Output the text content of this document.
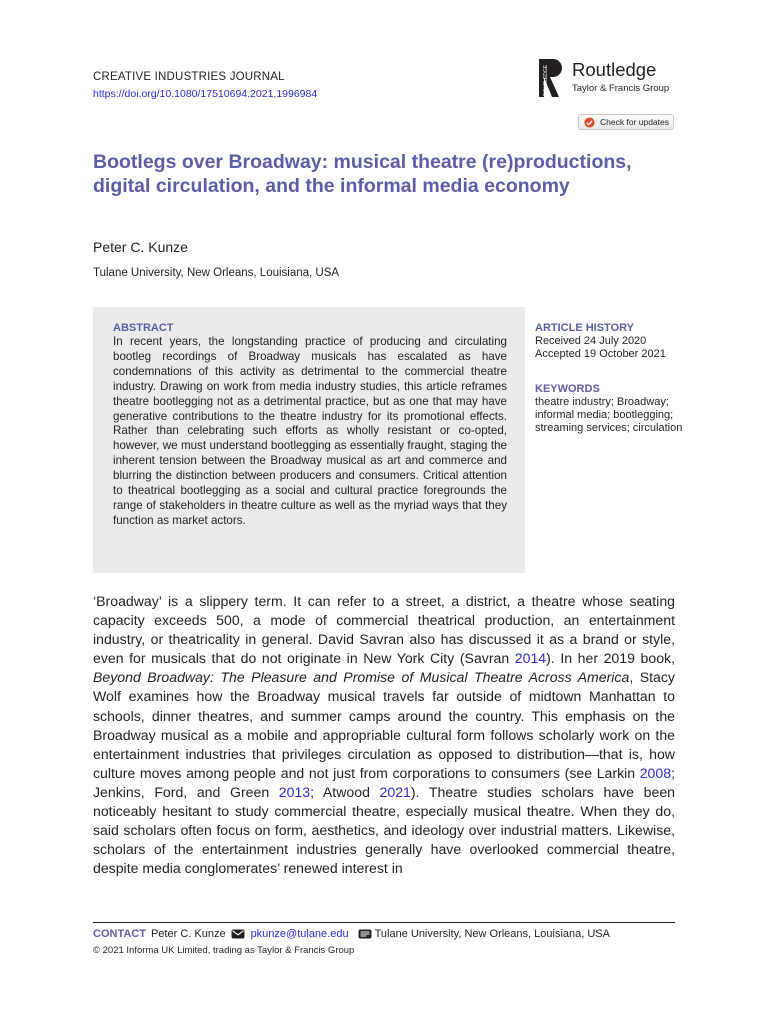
CREATIVE INDUSTRIES JOURNAL
https://doi.org/10.1080/17510694.2021.1996984	ROUTLEDGE Routledge
Taylor & Francis Group
Check for updates
Bootlegs over Broadway: musical theatre (re)productions, digital circulation, and the informal media economy
Peter C. Kunze
Tulane University, New Orleans, Louisiana, USA
ABSTRACT
In recent years, the longstanding practice of producing and circulating bootleg recordings of Broadway musicals has escalated as have condemnations of this activity as detrimental to the commercial theatre industry. Drawing on work from media industry studies, this article reframes theatre bootlegging not as a detrimental practice, but as one that may have generative contributions to the theatre industry for its promotional effects. Rather than celebrating such efforts as wholly resistant or co-opted, however, we must understand bootlegging as essentially fraught, staging the inherent tension between the Broadway musical as art and commerce and blurring the distinction between producers and consumers. Critical attention to theatrical bootlegging as a social and cultural practice foregrounds the range of stakeholders in theatre culture as well as the myriad ways that they function as market actors.
ARTICLE HISTORY
Received 24 July 2020
Accepted 19 October 2021
KEYWORDS
theatre industry; Broadway; informal media; bootlegging; streaming services; circulation

‘Broadway’ is a slippery term. It can refer to a street, a district, a theatre whose seating capacity exceeds 500, a mode of commercial theatrical production, an entertainment industry, or theatricality in general. David Savran also has discussed it as a brand or style, even for musicals that do not originate in New York City (Savran 2014). In her 2019 book, Beyond Broadway: The Pleasure and Promise of Musical Theatre Across America, Stacy Wolf examines how the Broadway musical travels far outside of midtown Manhattan to schools, dinner theatres, and summer camps around the country. This emphasis on the Broadway musical as a mobile and appropriable cultural form follows scholarly work on the entertainment industries that privileges circulation as opposed to distribution—that is, how culture moves among people and not just from corporations to consumers (see Larkin 2008; Jenkins, Ford, and Green 2013; Atwood 2021). Theatre studies scholars have been noticeably hesitant to study commercial theatre, especially musical theatre. When they do, said scholars often focus on form, aesthetics, and ideology over industrial matters. Likewise, scholars of the entertainment industries generally have overlooked commercial theatre, despite media conglomerates’ renewed interest in

CONTACT Peter C. Kunze pkunze@tulane.edu Tulane University, New Orleans, Louisiana, USA
© 2021 Informa UK Limited, trading as Taylor & Francis Group
